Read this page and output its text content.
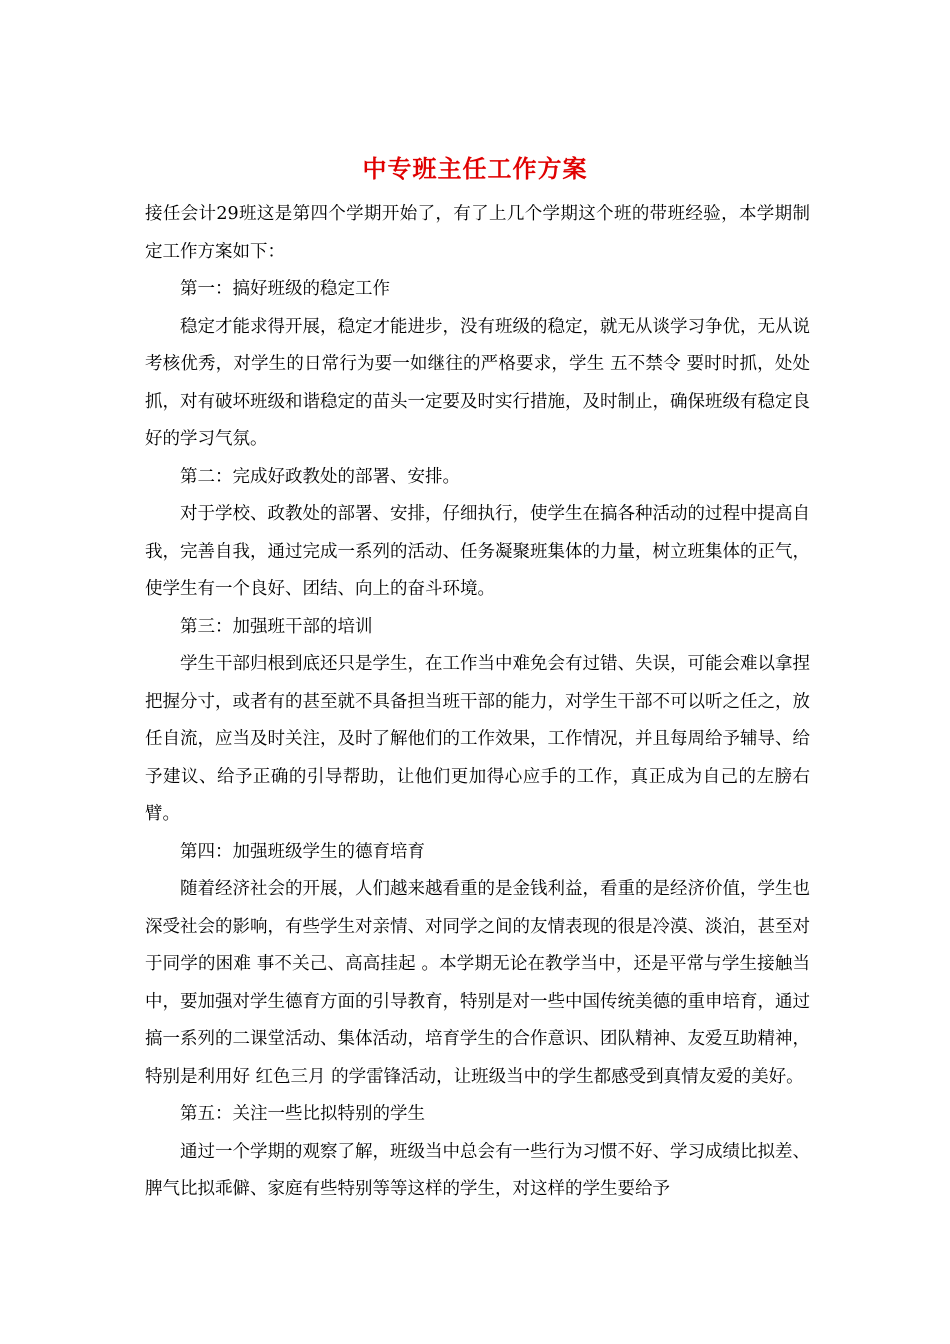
中专班主任工作方案

接任会计29班这是第四个学期开始了，有了上几个学期这个班的带班经验，本学期制定工作方案如下：

第一：搞好班级的稳定工作

稳定才能求得开展，稳定才能进步，没有班级的稳定，就无从谈学习争优，无从说考核优秀，对学生的日常行为要一如继往的严格要求，学生 五不禁令 要时时抓，处处抓，对有破坏班级和谐稳定的苗头一定要及时实行措施，及时制止，确保班级有稳定良好的学习气氛。

第二：完成好政教处的部署、安排。

对于学校、政教处的部署、安排，仔细执行，使学生在搞各种活动的过程中提高自我，完善自我，通过完成一系列的活动、任务凝聚班集体的力量，树立班集体的正气，使学生有一个良好、团结、向上的奋斗环境。

第三：加强班干部的培训

学生干部归根到底还只是学生，在工作当中难免会有过错、失误，可能会难以拿捏把握分寸，或者有的甚至就不具备担当班干部的能力，对学生干部不可以听之任之，放任自流，应当及时关注，及时了解他们的工作效果，工作情况，并且每周给予辅导、给予建议、给予正确的引导帮助，让他们更加得心应手的工作，真正成为自己的左膀右臂。

第四：加强班级学生的德育培育

随着经济社会的开展，人们越来越看重的是金钱利益，看重的是经济价值，学生也深受社会的影响，有些学生对亲情、对同学之间的友情表现的很是冷漠、淡泊，甚至对于同学的困难 事不关己、高高挂起 。本学期无论在教学当中，还是平常与学生接触当中，要加强对学生德育方面的引导教育，特别是对一些中国传统美德的重申培育，通过搞一系列的二课堂活动、集体活动，培育学生的合作意识、团队精神、友爱互助精神，特别是利用好 红色三月 的学雷锋活动，让班级当中的学生都感受到真情友爱的美好。

第五：关注一些比拟特别的学生

通过一个学期的观察了解，班级当中总会有一些行为习惯不好、学习成绩比拟差、脾气比拟乖僻、家庭有些特别等等这样的学生，对这样的学生要给予
